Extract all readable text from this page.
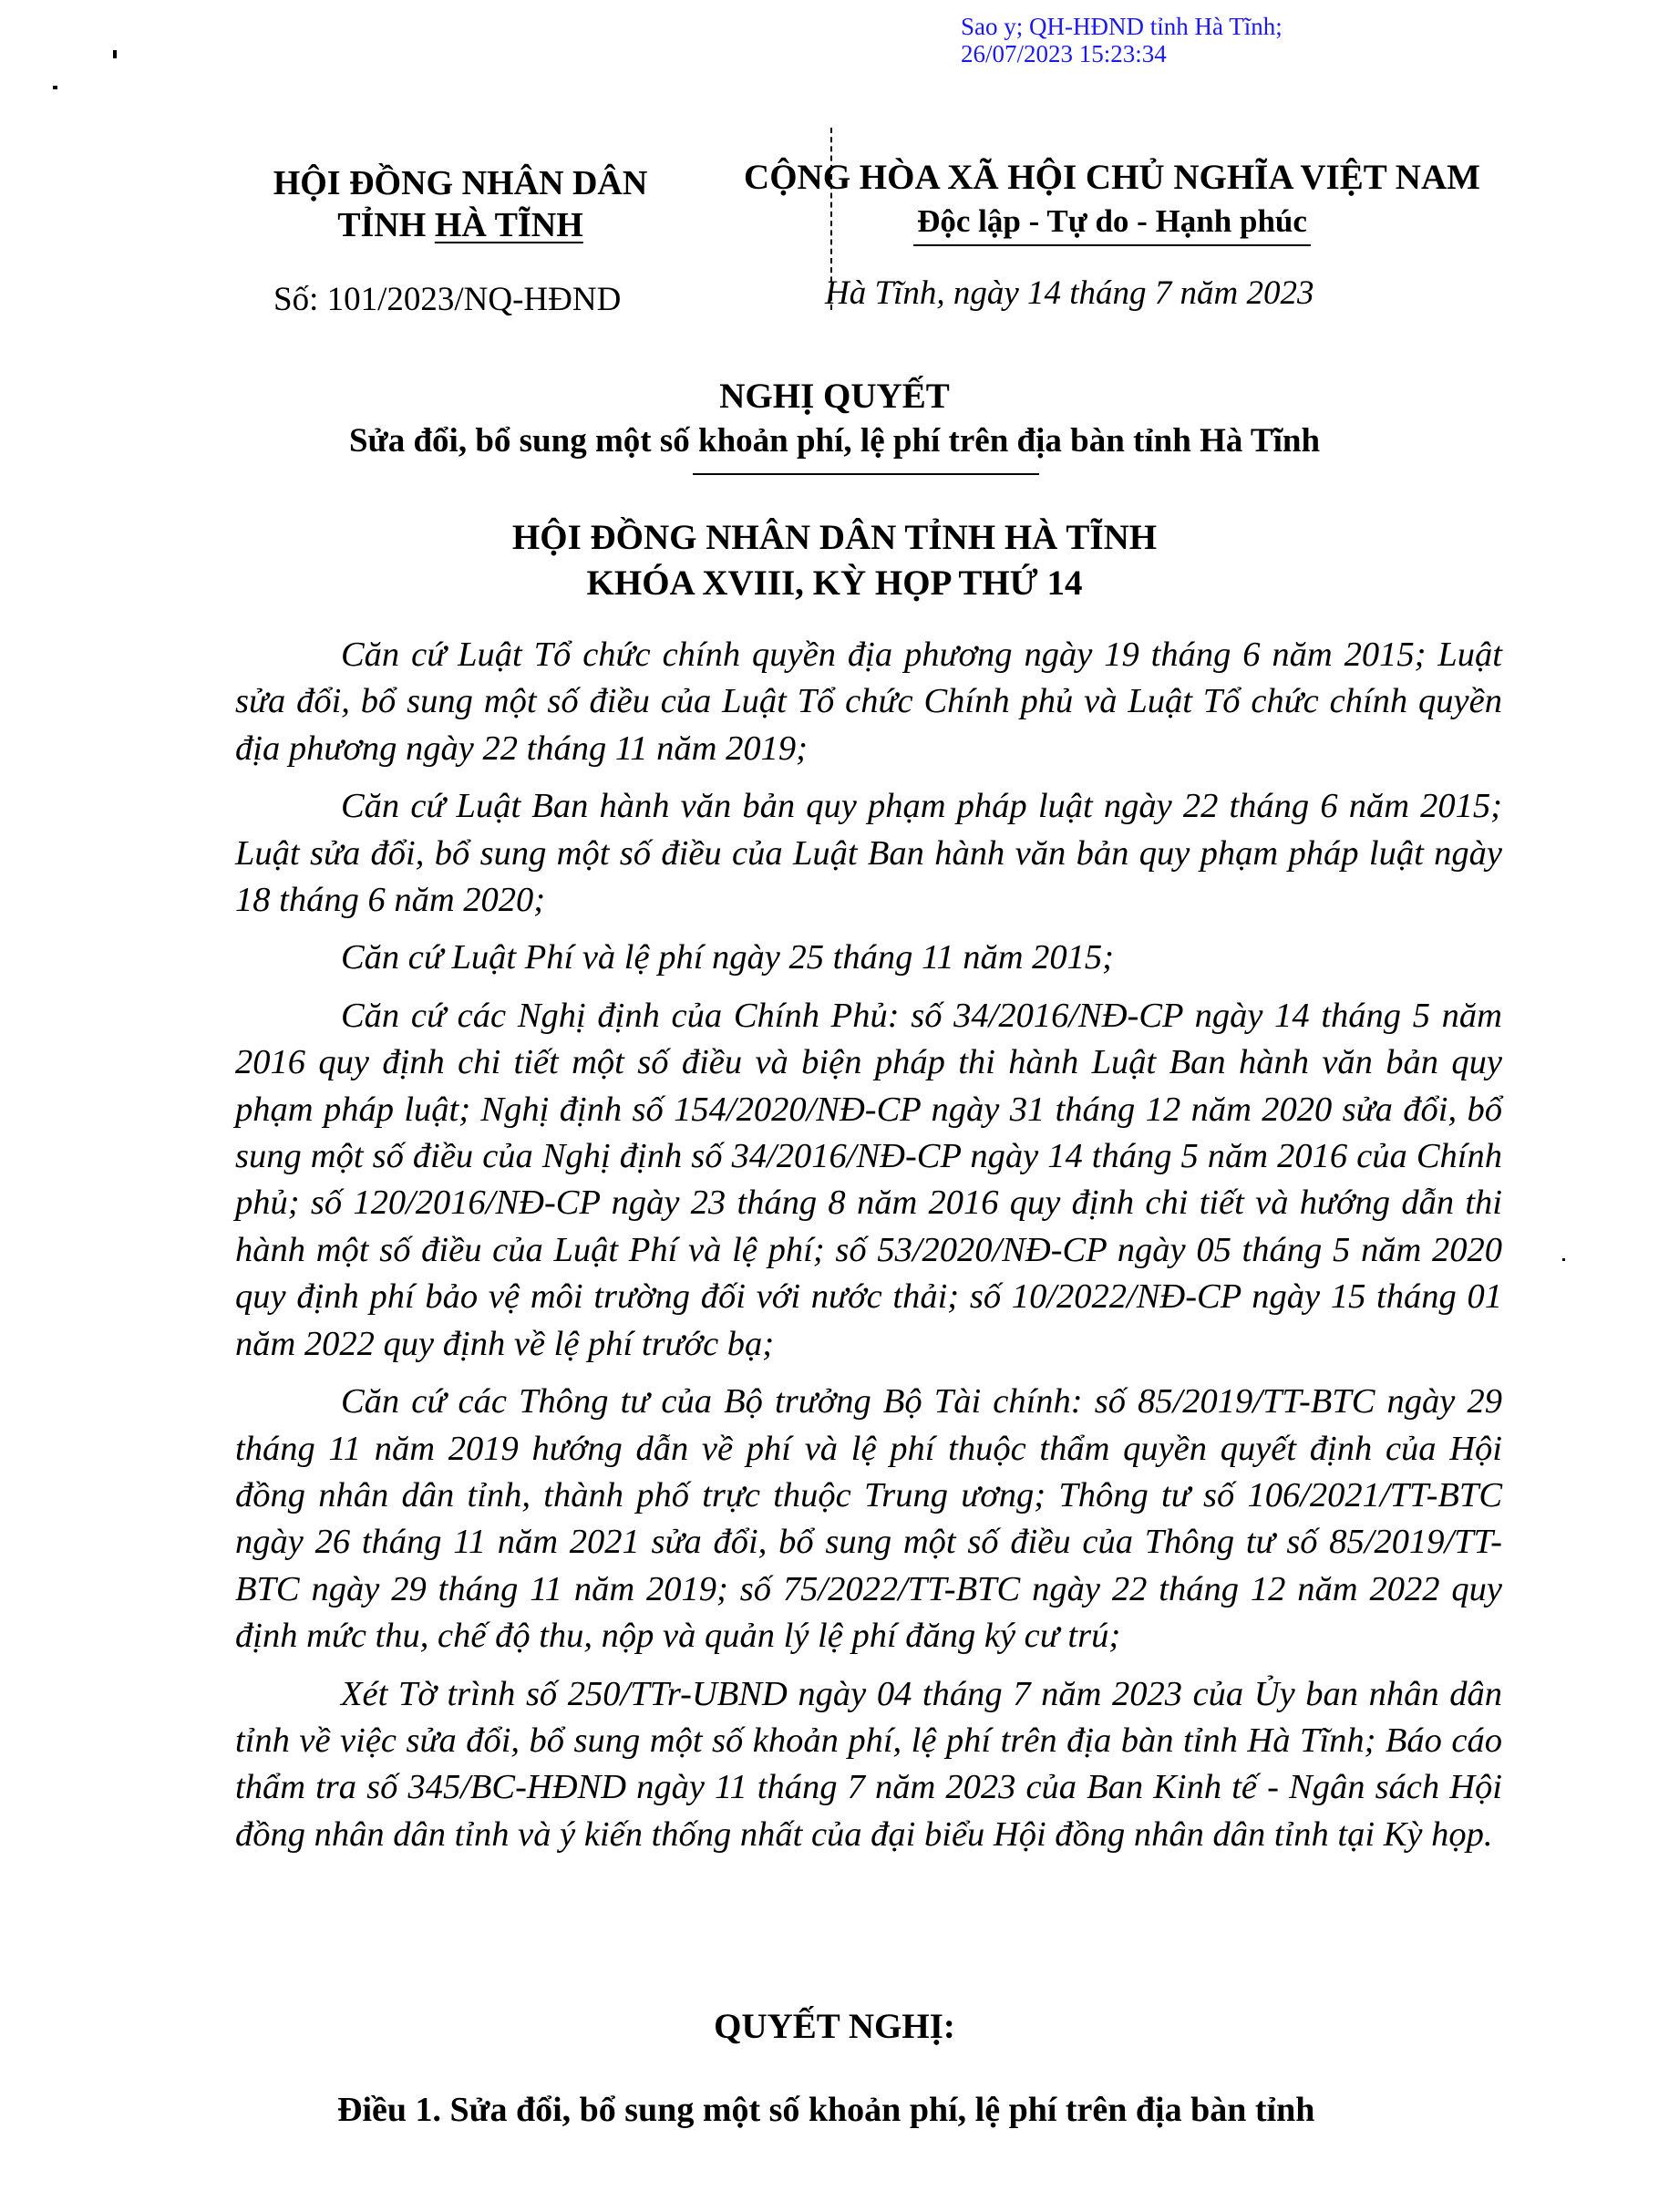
Sao y; QH-HĐND tỉnh Hà Tĩnh;
26/07/2023 15:23:34
HỘI ĐỒNG NHÂN DÂN
TỈNH HÀ TĨNH
Số: 101/2023/NQ-HĐND
CỘNG HÒA XÃ HỘI CHỦ NGHĨA VIỆT NAM
Độc lập - Tự do - Hạnh phúc
Hà Tĩnh, ngày 14 tháng 7 năm 2023
NGHỊ QUYẾT
Sửa đổi, bổ sung một số khoản phí, lệ phí trên địa bàn tỉnh Hà Tĩnh
HỘI ĐỒNG NHÂN DÂN TỈNH HÀ TĨNH
KHÓA XVIII, KỲ HỌP THỨ 14

Căn cứ Luật Tổ chức chính quyền địa phương ngày 19 tháng 6 năm 2015; Luật sửa đổi, bổ sung một số điều của Luật Tổ chức Chính phủ và Luật Tổ chức chính quyền địa phương ngày 22 tháng 11 năm 2019;

Căn cứ Luật Ban hành văn bản quy phạm pháp luật ngày 22 tháng 6 năm 2015; Luật sửa đổi, bổ sung một số điều của Luật Ban hành văn bản quy phạm pháp luật ngày 18 tháng 6 năm 2020;

Căn cứ Luật Phí và lệ phí ngày 25 tháng 11 năm 2015;

Căn cứ các Nghị định của Chính Phủ: số 34/2016/NĐ-CP ngày 14 tháng 5 năm 2016 quy định chi tiết một số điều và biện pháp thi hành Luật Ban hành văn bản quy phạm pháp luật; Nghị định số 154/2020/NĐ-CP ngày 31 tháng 12 năm 2020 sửa đổi, bổ sung một số điều của Nghị định số 34/2016/NĐ-CP ngày 14 tháng 5 năm 2016 của Chính phủ; số 120/2016/NĐ-CP ngày 23 tháng 8 năm 2016 quy định chi tiết và hướng dẫn thi hành một số điều của Luật Phí và lệ phí; số 53/2020/NĐ-CP ngày 05 tháng 5 năm 2020 quy định phí bảo vệ môi trường đối với nước thải; số 10/2022/NĐ-CP ngày 15 tháng 01 năm 2022 quy định về lệ phí trước bạ;

Căn cứ các Thông tư của Bộ trưởng Bộ Tài chính: số 85/2019/TT-BTC ngày 29 tháng 11 năm 2019 hướng dẫn về phí và lệ phí thuộc thẩm quyền quyết định của Hội đồng nhân dân tỉnh, thành phố trực thuộc Trung ương; Thông tư số 106/2021/TT-BTC ngày 26 tháng 11 năm 2021 sửa đổi, bổ sung một số điều của Thông tư số 85/2019/TT-BTC ngày 29 tháng 11 năm 2019; số 75/2022/TT-BTC ngày 22 tháng 12 năm 2022 quy định mức thu, chế độ thu, nộp và quản lý lệ phí đăng ký cư trú;

Xét Tờ trình số 250/TTr-UBND ngày 04 tháng 7 năm 2023 của Ủy ban nhân dân tỉnh về việc sửa đổi, bổ sung một số khoản phí, lệ phí trên địa bàn tỉnh Hà Tĩnh; Báo cáo thẩm tra số 345/BC-HĐND ngày 11 tháng 7 năm 2023 của Ban Kinh tế - Ngân sách Hội đồng nhân dân tỉnh và ý kiến thống nhất của đại biểu Hội đồng nhân dân tỉnh tại Kỳ họp.

QUYẾT NGHỊ:
Điều 1. Sửa đổi, bổ sung một số khoản phí, lệ phí trên địa bàn tỉnh
